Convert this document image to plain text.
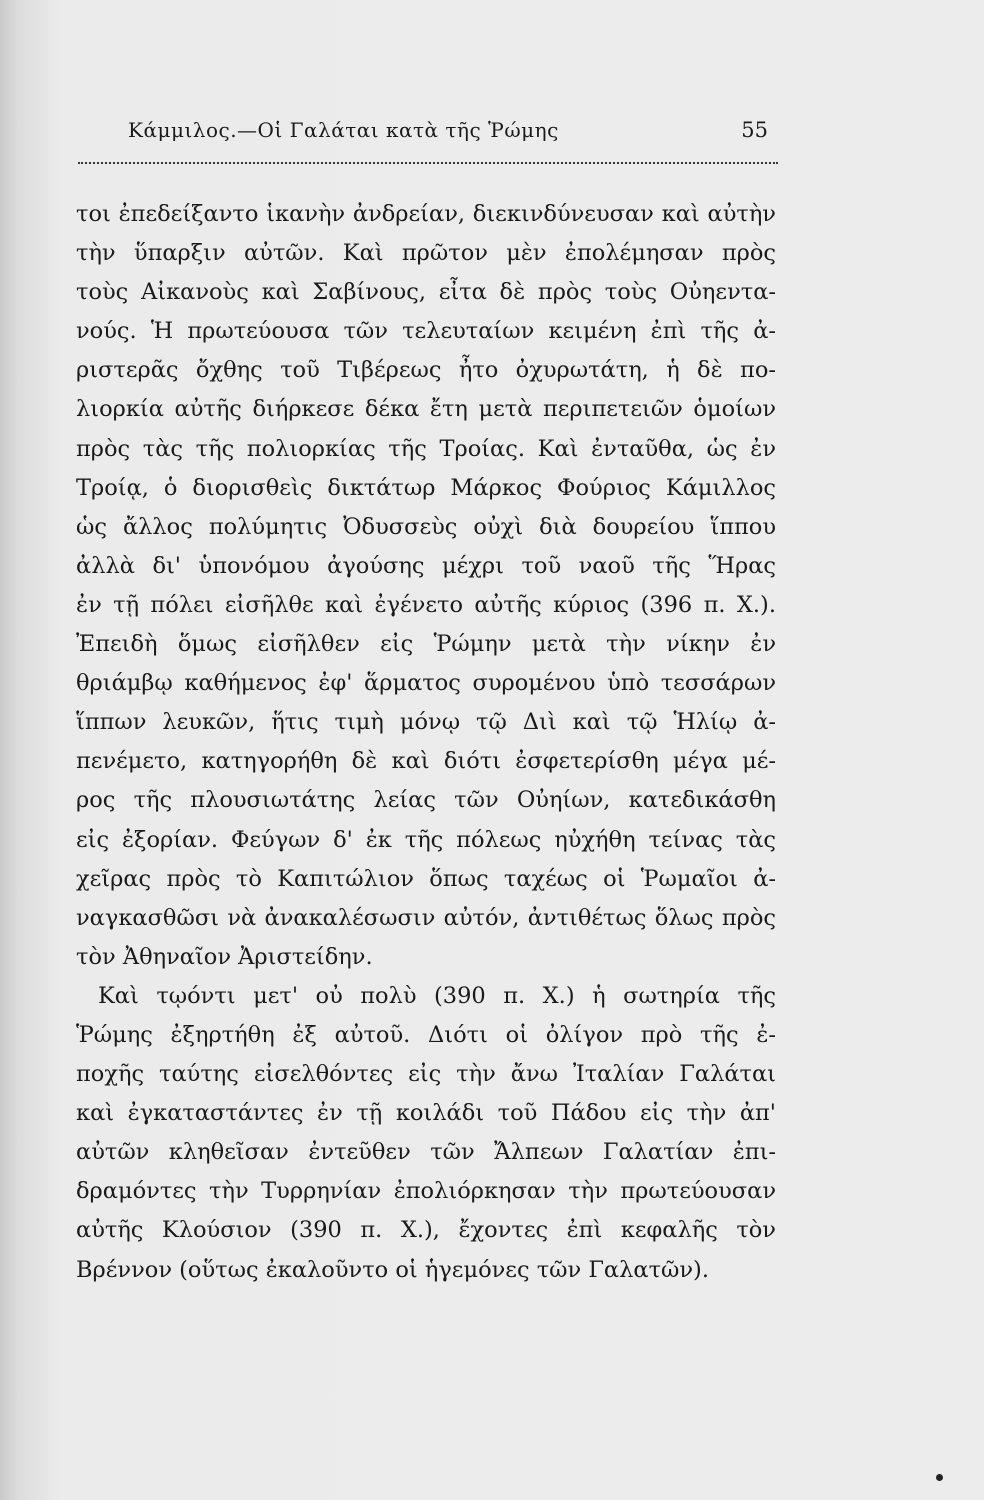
Κάμμιλος.—Οἱ Γαλάται κατὰ τῆς Ῥώμης	55
τοι ἐπεδείξαντο ἱκανὴν ἀνδρείαν, διεκινδύνευσαν καὶ αὐτὴν
τὴν ὕπαρξιν αὐτῶν. Καὶ πρῶτον μὲν ἐπολέμησαν πρὸς
τοὺς Αἰκανοὺς καὶ Σαβίνους, εἶτα δὲ πρὸς τοὺς Οὐηεντα-
νούς. Ἡ πρωτεύουσα τῶν τελευταίων κειμένη ἐπὶ τῆς ἀ-
ριστερᾶς ὄχθης τοῦ Τιβέρεως ἦτο ὀχυρωτάτη, ἡ δὲ πο-
λιορκία αὐτῆς διήρκεσε δέκα ἔτη μετὰ περιπετειῶν ὁμοίων
πρὸς τὰς τῆς πολιορκίας τῆς Τροίας. Καὶ ἐνταῦθα, ὡς ἐν
Τροίᾳ, ὁ διορισθεὶς δικτάτωρ Μάρκος Φούριος Κάμιλλος
ὡς ἄλλος πολύμητις Ὀδυσσεὺς οὐχὶ διὰ δουρείου ἵππου
ἀλλὰ δι' ὑπονόμου ἀγούσης μέχρι τοῦ ναοῦ τῆς Ἥρας
ἐν τῇ πόλει εἰσῆλθε καὶ ἐγένετο αὐτῆς κύριος (396 π. Χ.).
Ἐπειδὴ ὅμως εἰσῆλθεν εἰς Ῥώμην μετὰ τὴν νίκην ἐν
θριάμβῳ καθήμενος ἐφ' ἅρματος συρομένου ὑπὸ τεσσάρων
ἵππων λευκῶν, ἥτις τιμὴ μόνῳ τῷ Διὶ καὶ τῷ Ἡλίῳ ἀ-
πενέμετο, κατηγορήθη δὲ καὶ διότι ἐσφετερίσθη μέγα μέ-
ρος τῆς πλουσιωτάτης λείας τῶν Οὐηίων, κατεδικάσθη
εἰς ἐξορίαν. Φεύγων δ' ἐκ τῆς πόλεως ηὐχήθη τείνας τὰς
χεῖρας πρὸς τὸ Καπιτώλιον ὅπως ταχέως οἱ Ῥωμαῖοι ἀ-
ναγκασθῶσι νὰ ἀνακαλέσωσιν αὐτόν, ἀντιθέτως ὅλως πρὸς
τὸν Ἀθηναῖον Ἀριστείδην.
Καὶ τῳόντι μετ' οὐ πολὺ (390 π. Χ.) ἡ σωτηρία τῆς
Ῥώμης ἐξηρτήθη ἐξ αὐτοῦ. Διότι οἱ ὀλίγον πρὸ τῆς ἐ-
ποχῆς ταύτης εἰσελθόντες εἰς τὴν ἄνω Ἰταλίαν Γαλάται
καὶ ἐγκαταστάντες ἐν τῇ κοιλάδι τοῦ Πάδου εἰς τὴν ἀπ'
αὐτῶν κληθεῖσαν ἐντεῦθεν τῶν Ἄλπεων Γαλατίαν ἐπι-
δραμόντες τὴν Τυρρηνίαν ἐπολιόρκησαν τὴν πρωτεύουσαν
αὐτῆς Κλούσιον (390 π. Χ.), ἔχοντες ἐπὶ κεφαλῆς τὸν
Βρέννον (οὕτως ἐκαλοῦντο οἱ ἡγεμόνες τῶν Γαλατῶν).
